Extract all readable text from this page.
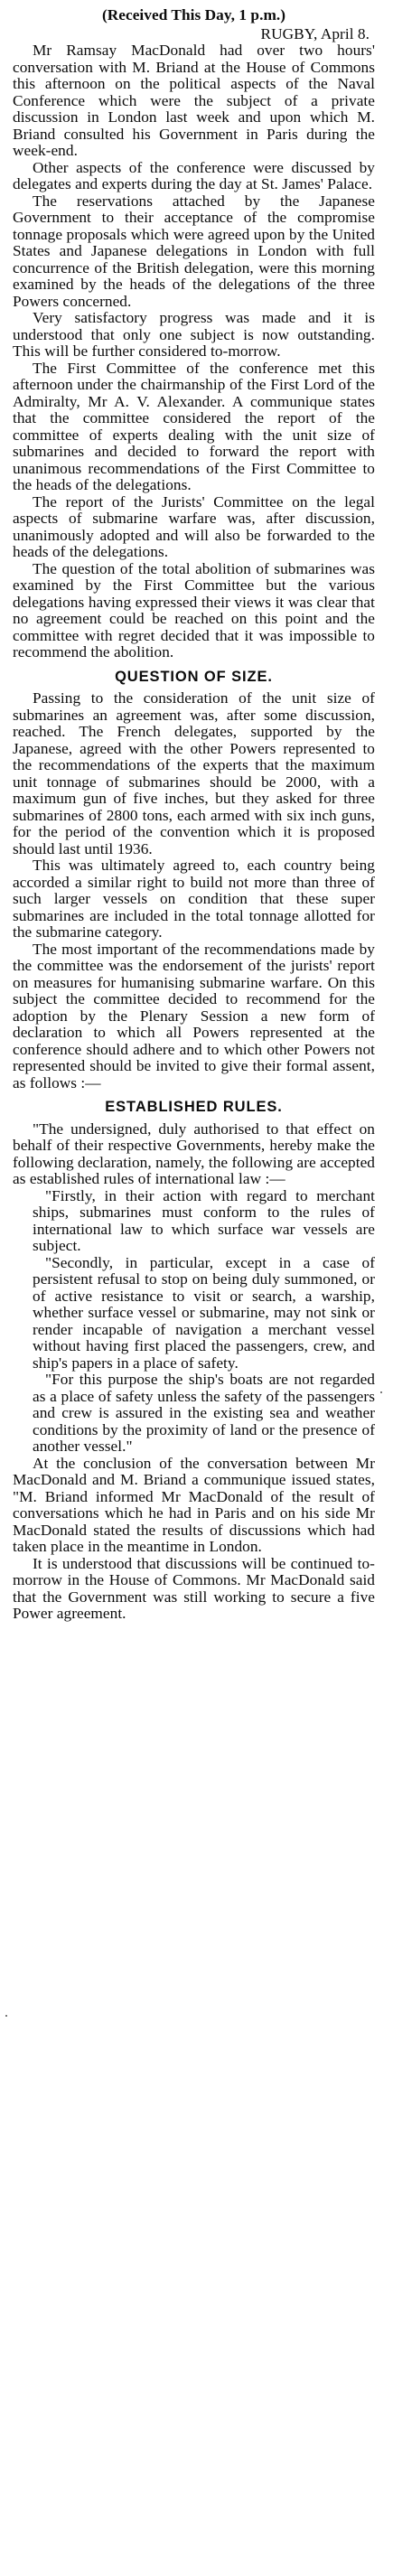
(Received This Day, 1 p.m.)
RUGBY, April 8.

Mr Ramsay MacDonald had over two hours' conversation with M. Briand at the House of Commons this afternoon on the political aspects of the Naval Conference which were the subject of a private discussion in London last week and upon which M. Briand consulted his Government in Paris during the week-end.

Other aspects of the conference were discussed by delegates and experts during the day at St. James' Palace.

The reservations attached by the Japanese Government to their acceptance of the compromise tonnage proposals which were agreed upon by the United States and Japanese delegations in London with full concurrence of the British delegation, were this morning examined by the heads of the delegations of the three Powers concerned.

Very satisfactory progress was made and it is understood that only one subject is now outstanding. This will be further considered to-morrow.

The First Committee of the conference met this afternoon under the chairmanship of the First Lord of the Admiralty, Mr A. V. Alexander. A communique states that the committee considered the report of the committee of experts dealing with the unit size of submarines and decided to forward the report with unanimous recommendations of the First Committee to the heads of the delegations.

The report of the Jurists' Committee on the legal aspects of submarine warfare was, after discussion, unanimously adopted and will also be forwarded to the heads of the delegations.

The question of the total abolition of submarines was examined by the First Committee but the various delegations having expressed their views it was clear that no agreement could be reached on this point and the committee with regret decided that it was impossible to recommend the abolition.

QUESTION OF SIZE.

Passing to the consideration of the unit size of submarines an agreement was, after some discussion, reached. The French delegates, supported by the Japanese, agreed with the other Powers represented to the recommendations of the experts that the maximum unit tonnage of submarines should be 2000, with a maximum gun of five inches, but they asked for three submarines of 2800 tons, each armed with six inch guns, for the period of the convention which it is proposed should last until 1936.

This was ultimately agreed to, each country being accorded a similar right to build not more than three of such larger vessels on condition that these super submarines are included in the total tonnage allotted for the submarine category.

The most important of the recommendations made by the committee was the endorsement of the jurists' report on measures for humanising submarine warfare. On this subject the committee decided to recommend for the adoption by the Plenary Session a new form of declaration to which all Powers represented at the conference should adhere and to which other Powers not represented should be invited to give their formal assent, as follows :—

ESTABLISHED RULES.

"The undersigned, duly authorised to that effect on behalf of their respective Governments, hereby make the following declaration, namely, the following are accepted as established rules of international law :—

"Firstly, in their action with regard to merchant ships, submarines must conform to the rules of international law to which surface war vessels are subject.

"Secondly, in particular, except in a case of persistent refusal to stop on being duly summoned, or of active resistance to visit or search, a warship, whether surface vessel or submarine, may not sink or render incapable of navigation a merchant vessel without having first placed the passengers, crew, and ship's papers in a place of safety.

"For this purpose the ship's boats are not regarded as a place of safety unless the safety of the passengers and crew is assured in the existing sea and weather conditions by the proximity of land or the presence of another vessel."

At the conclusion of the conversation between Mr MacDonald and M. Briand a communique issued states, "M. Briand informed Mr MacDonald of the result of conversations which he had in Paris and on his side Mr MacDonald stated the results of discussions which had taken place in the meantime in London.

It is understood that discussions will be continued to-morrow in the House of Commons. Mr MacDonald said that the Government was still working to secure a five Power agreement.
